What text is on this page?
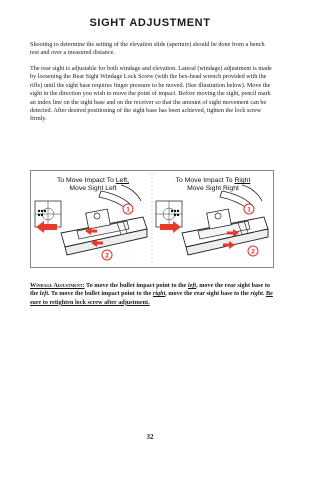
SIGHT ADJUSTMENT

Shooting to determine the setting of the elevation slide (aperture) should be done from a bench rest and over a measured distance.

The rear sight is adjustable for both windage and elevation. Lateral (windage) adjustment is made by loosening the Rear Sight Windage Lock Screw (with the hex-head wrench provided with the rifle) until the sight base requires finger pressure to be moved. (See illustration below). Move the sight in the direction you wish to move the point of impact. Before moving the sight, pencil mark an index line on the sight base and on the receiver so that the amount of sight movement can be detected. After desired positioning of the sight base has been achieved, tighten the lock screw firmly.

To Move Impact To Left,
Move Sight Left
To Move Impact To Right
Move Sight Right
1
2
1
2

Windage Adjustment: To move the bullet impact point to the left, move the rear sight base to the left. To move the bullet impact point to the right, move the rear sight base to the right. Be sure to retighten lock screw after adjustment.

32
